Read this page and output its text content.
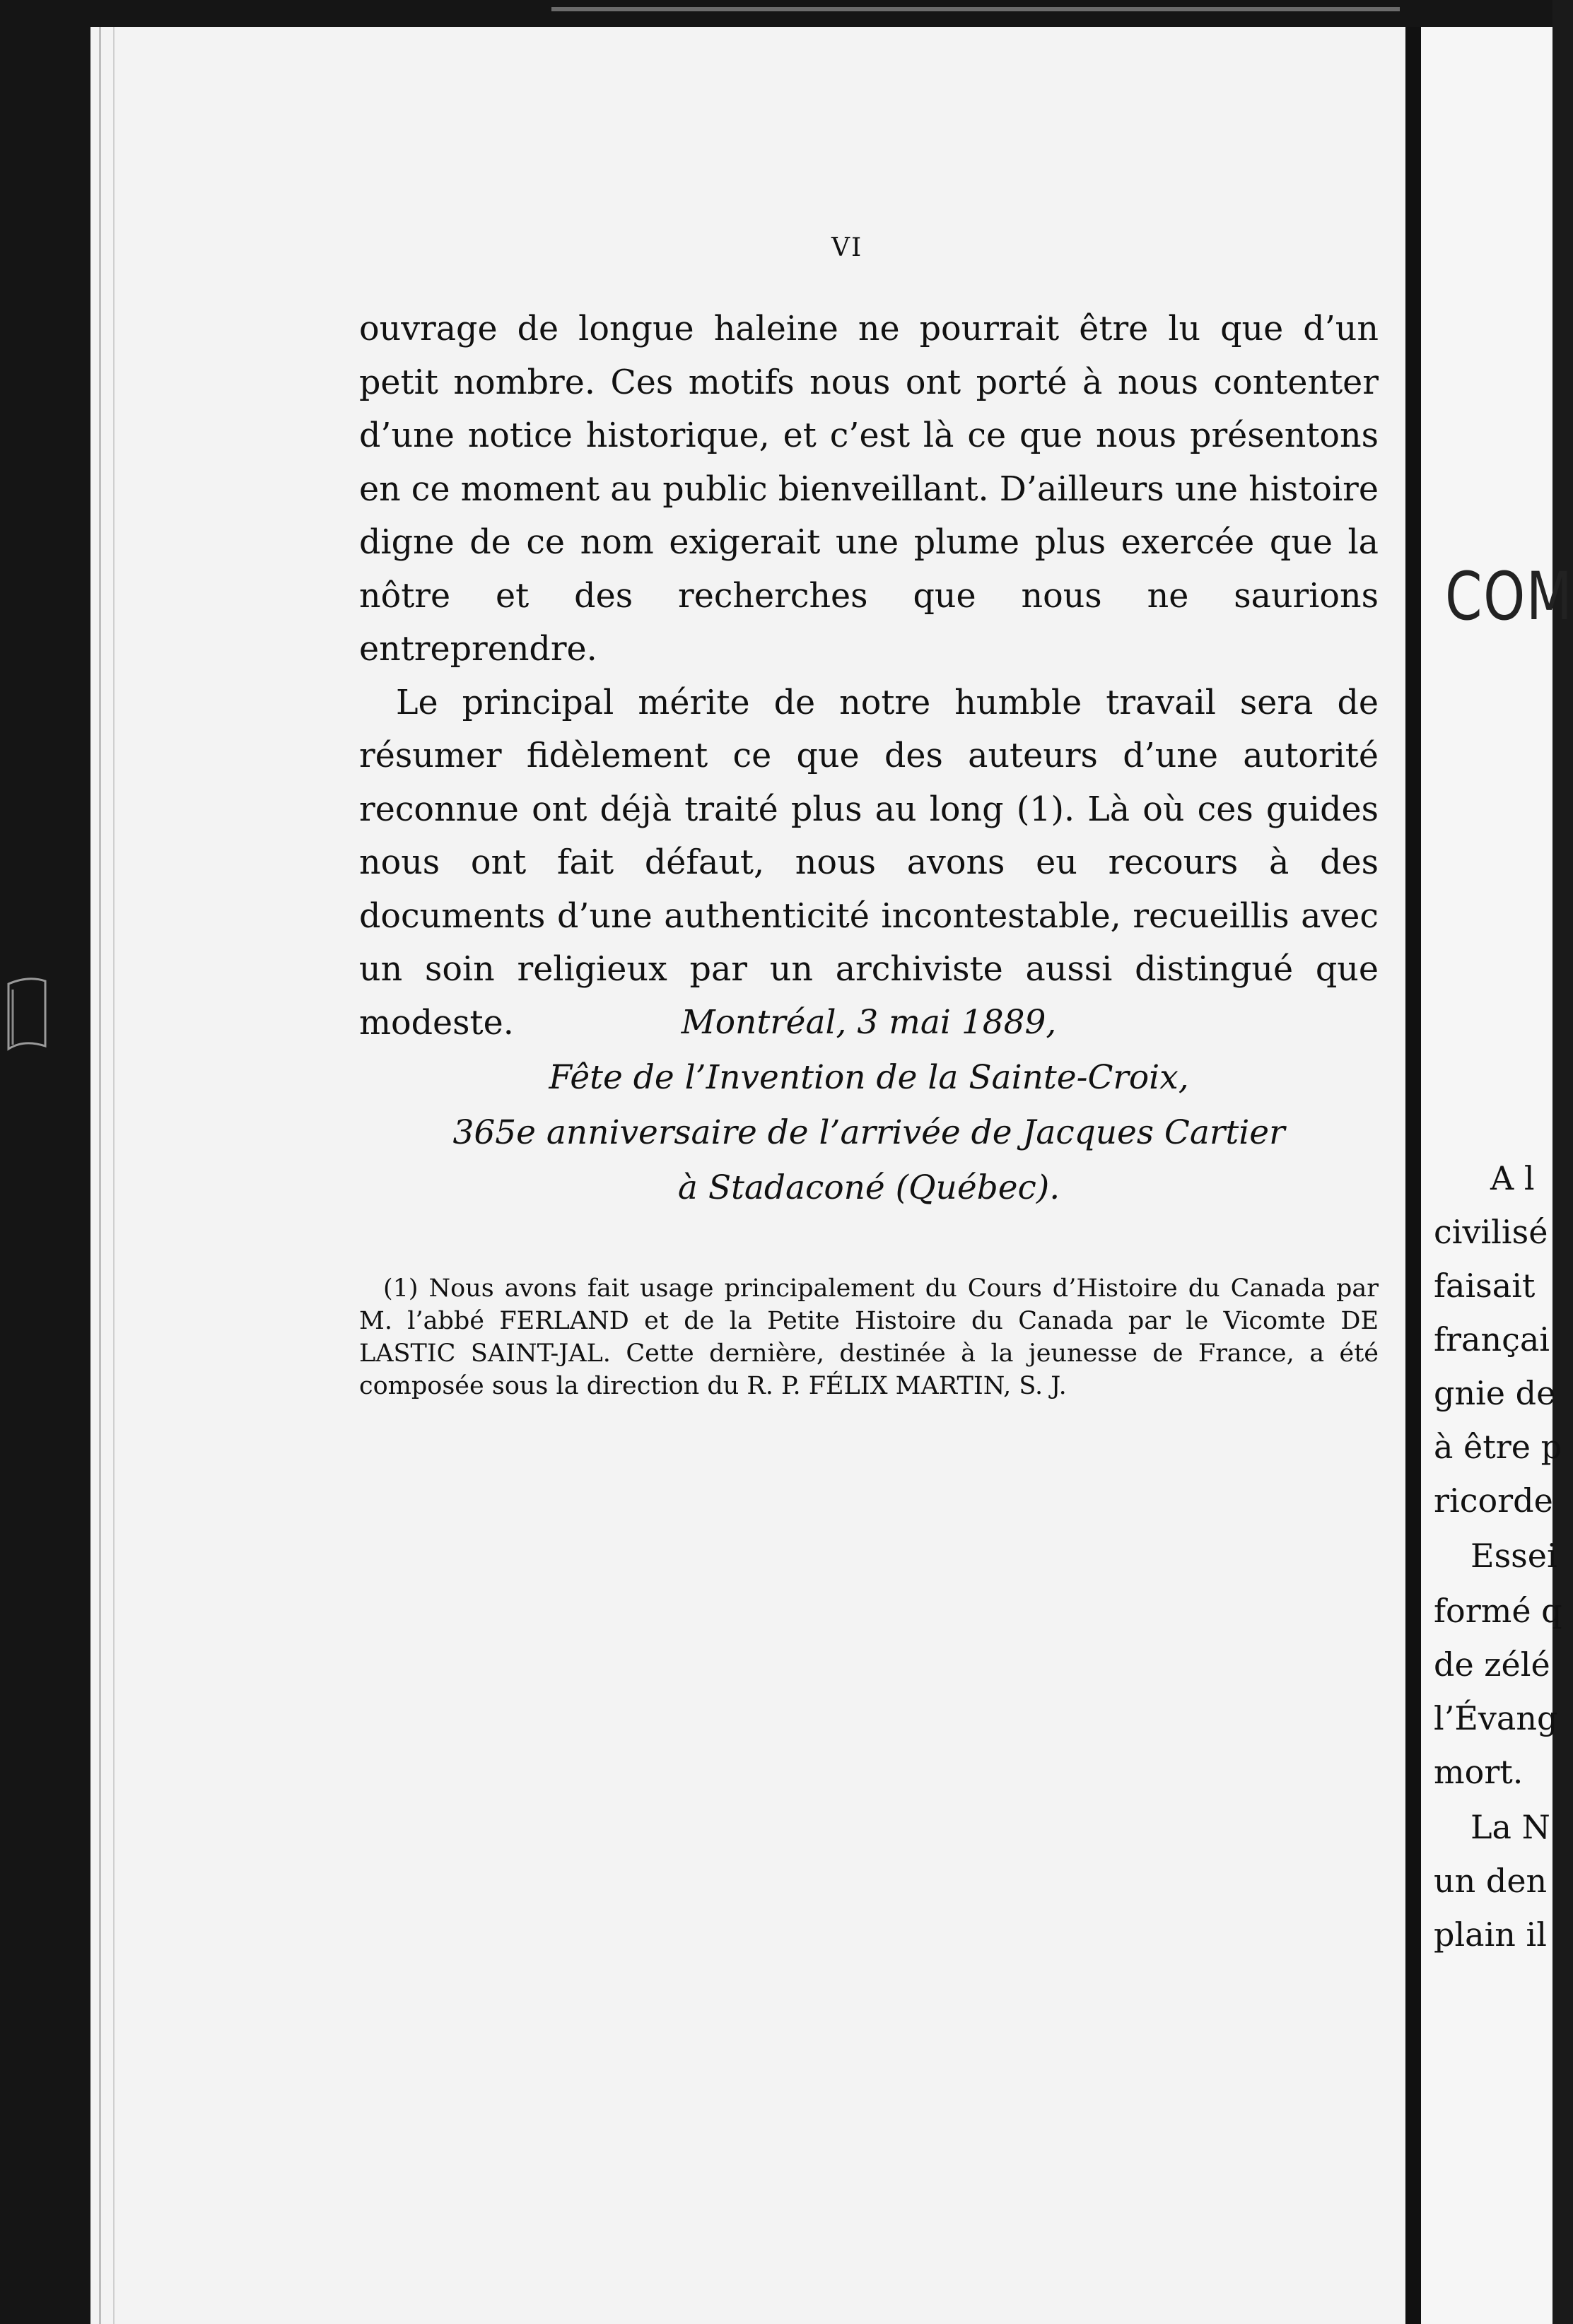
VI

ouvrage de longue haleine ne pourrait être lu que d’un petit nombre. Ces motifs nous ont porté à nous contenter d’une notice historique, et c’est là ce que nous présentons en ce moment au public bienveillant. D’ailleurs une histoire digne de ce nom exigerait une plume plus exercée que la nôtre et des recherches que nous ne saurions entreprendre.

Le principal mérite de notre humble travail sera de résumer fidèlement ce que des auteurs d’une autorité reconnue ont déjà traité plus au long (1). Là où ces guides nous ont fait défaut, nous avons eu recours à des documents d’une authenticité incontestable, recueillis avec un soin religieux par un archiviste aussi distingué que modeste.	Montréal, 3 mai 1889,
Fête de l’Invention de la Sainte-Croix,
365e anniversaire de l’arrivée de Jacques Cartier
à Stadaconé (Québec).
(1) Nous avons fait usage principalement du Cours d’Histoire du Canada par M. l’abbé FERLAND et de la Petite Histoire du Canada par le Vicomte DE LASTIC SAINT-JAL. Cette dernière, destinée à la jeunesse de France, a été composée sous la direction du R. P. FÉLIX MARTIN, S. J.
COM
A l
civilisé
faisait
françai
gnie de
à être p
ricorde
Essei
formé q
de zélé
l’Évang
mort.
La N
un den
plain il
